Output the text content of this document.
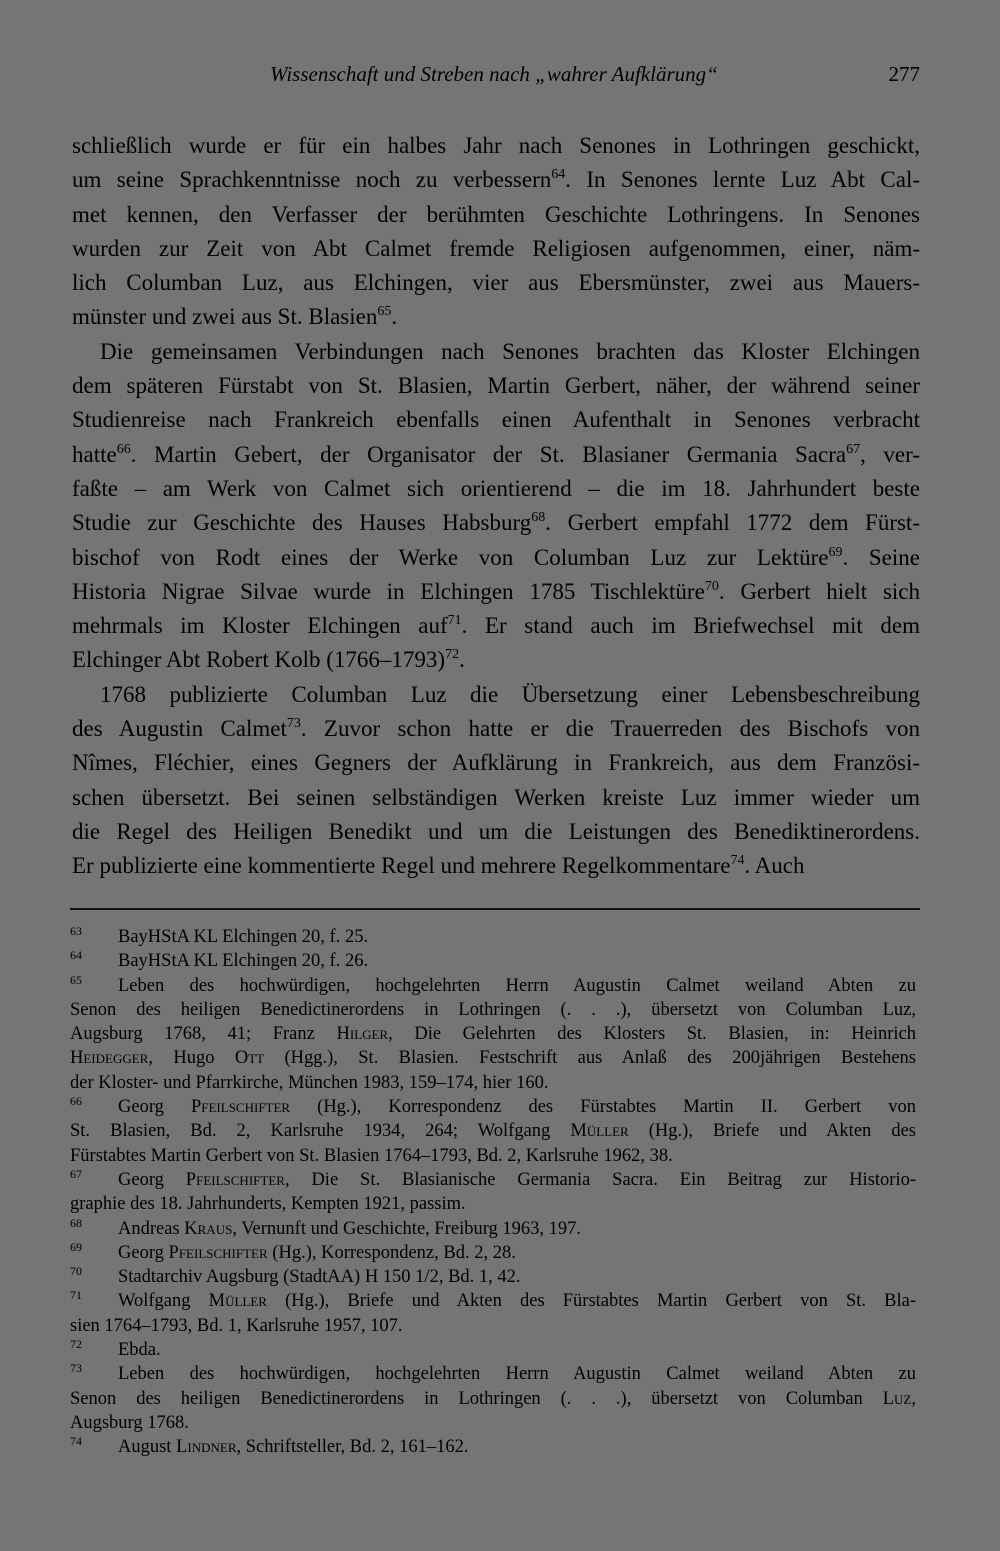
Wissenschaft und Streben nach „wahrer Aufklärung“	277
schließlich wurde er für ein halbes Jahr nach Senones in Lothringen geschickt,
um seine Sprachkenntnisse noch zu verbessern$^{64}$. In Senones lernte Luz Abt Cal-
met kennen, den Verfasser der berühmten Geschichte Lothringens. In Senones
wurden zur Zeit von Abt Calmet fremde Religiosen aufgenommen, einer, näm-
lich Columban Luz, aus Elchingen, vier aus Ebersmünster, zwei aus Mauers-
münster und zwei aus St. Blasien$^{65}$.
Die gemeinsamen Verbindungen nach Senones brachten das Kloster Elchingen
dem späteren Fürstabt von St. Blasien, Martin Gerbert, näher, der während seiner
Studienreise nach Frankreich ebenfalls einen Aufenthalt in Senones verbracht
hatte$^{66}$. Martin Gebert, der Organisator der St. Blasianer Germania Sacra$^{67}$, ver-
faßte – am Werk von Calmet sich orientierend – die im 18. Jahrhundert beste
Studie zur Geschichte des Hauses Habsburg$^{68}$. Gerbert empfahl 1772 dem Fürst-
bischof von Rodt eines der Werke von Columban Luz zur Lektüre$^{69}$. Seine
Historia Nigrae Silvae wurde in Elchingen 1785 Tischlektüre$^{70}$. Gerbert hielt sich
mehrmals im Kloster Elchingen auf$^{71}$. Er stand auch im Briefwechsel mit dem
Elchinger Abt Robert Kolb (1766–1793)$^{72}$.
1768 publizierte Columban Luz die Übersetzung einer Lebensbeschreibung
des Augustin Calmet$^{73}$. Zuvor schon hatte er die Trauerreden des Bischofs von
Nîmes, Fléchier, eines Gegners der Aufklärung in Frankreich, aus dem Französi-
schen übersetzt. Bei seinen selbständigen Werken kreiste Luz immer wieder um
die Regel des Heiligen Benedikt und um die Leistungen des Benediktinerordens.
Er publizierte eine kommentierte Regel und mehrere Regelkommentare$^{74}$. Auch
63 BayHStA KL Elchingen 20, f. 25.
64 BayHStA KL Elchingen 20, f. 26.
65 Leben des hochwürdigen, hochgelehrten Herrn Augustin Calmet weiland Abten zu
Senon des heiligen Benedictinerordens in Lothringen (. . .), übersetzt von Columban Luz,
Augsburg 1768, 41; Franz Hilger, Die Gelehrten des Klosters St. Blasien, in: Heinrich
Heidegger, Hugo Ott (Hgg.), St. Blasien. Festschrift aus Anlaß des 200jährigen Bestehens
der Kloster- und Pfarrkirche, München 1983, 159–174, hier 160.
66 Georg Pfeilschifter (Hg.), Korrespondenz des Fürstabtes Martin II. Gerbert von
St. Blasien, Bd. 2, Karlsruhe 1934, 264; Wolfgang Müller (Hg.), Briefe und Akten des
Fürstabtes Martin Gerbert von St. Blasien 1764–1793, Bd. 2, Karlsruhe 1962, 38.
67 Georg Pfeilschifter, Die St. Blasianische Germania Sacra. Ein Beitrag zur Historio-
graphie des 18. Jahrhunderts, Kempten 1921, passim.
68 Andreas Kraus, Vernunft und Geschichte, Freiburg 1963, 197.
69 Georg Pfeilschifter (Hg.), Korrespondenz, Bd. 2, 28.
70 Stadtarchiv Augsburg (StadtAA) H 150 1/2, Bd. 1, 42.
71 Wolfgang Müller (Hg.), Briefe und Akten des Fürstabtes Martin Gerbert von St. Bla-
sien 1764–1793, Bd. 1, Karlsruhe 1957, 107.
72 Ebda.
73 Leben des hochwürdigen, hochgelehrten Herrn Augustin Calmet weiland Abten zu
Senon des heiligen Benedictinerordens in Lothringen (. . .), übersetzt von Columban Luz,
Augsburg 1768.
74 August Lindner, Schriftsteller, Bd. 2, 161–162.
